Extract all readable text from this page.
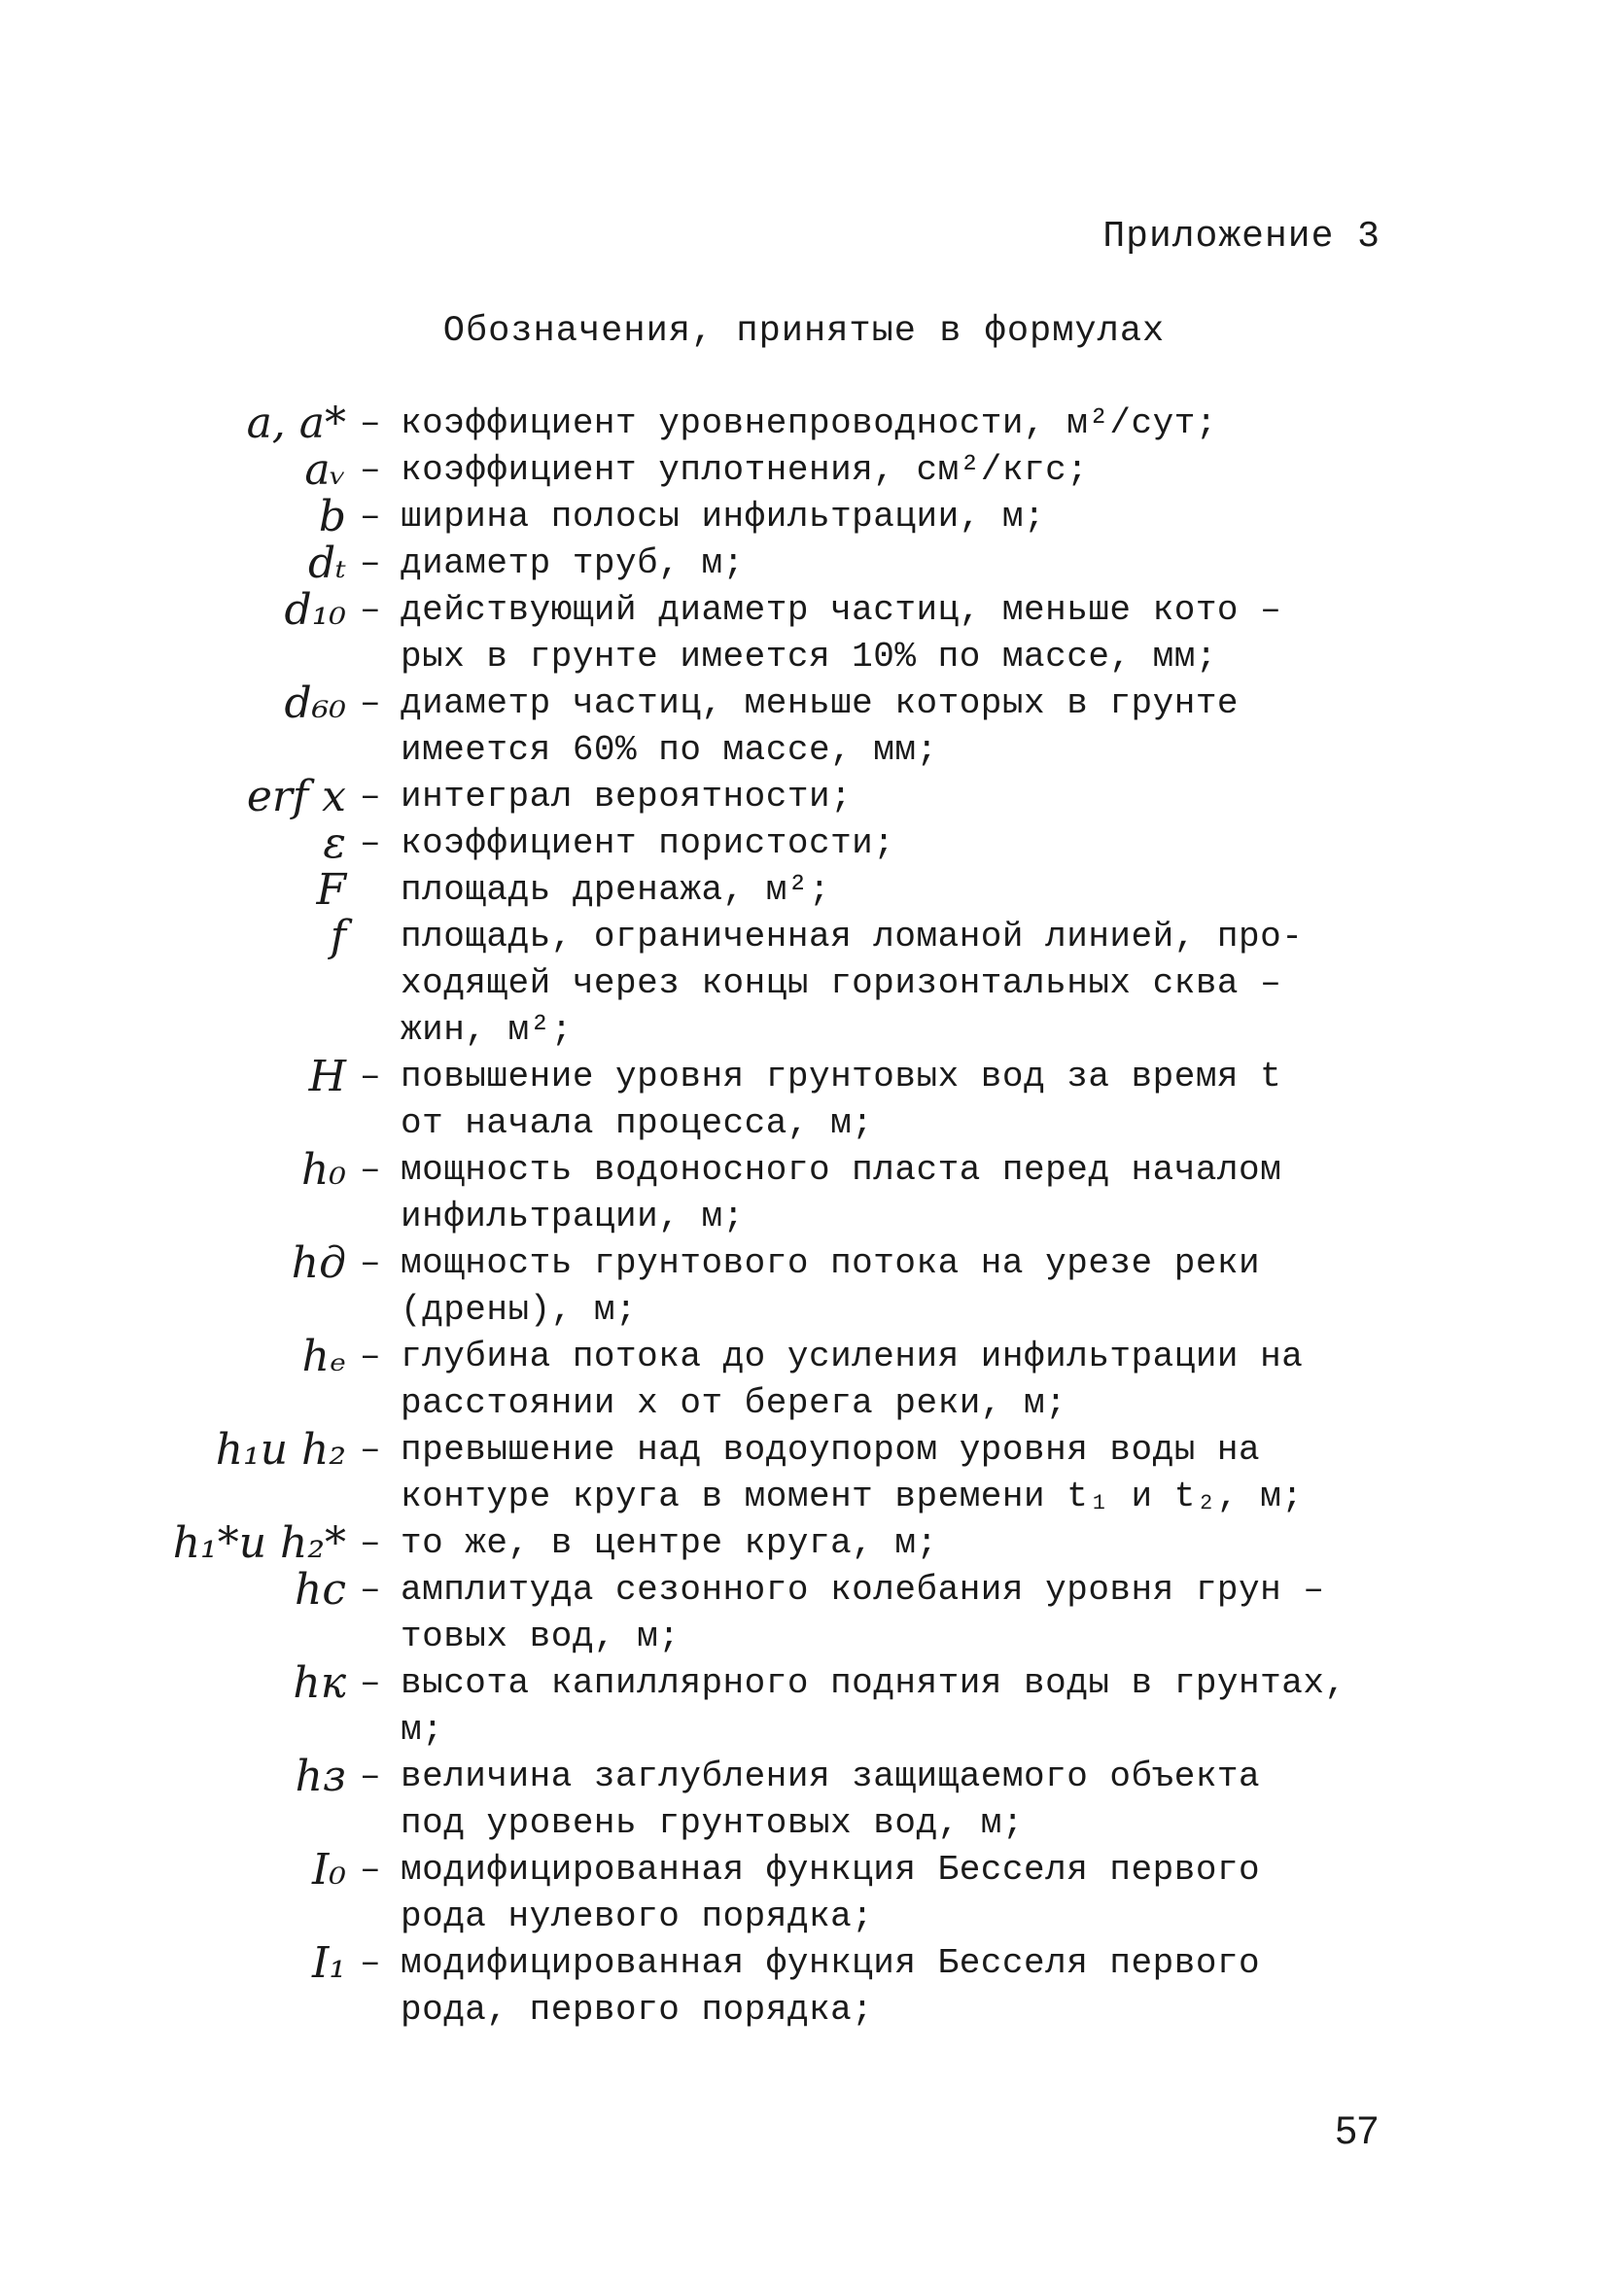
Приложение 3
Обозначения, принятые в формулах
a, a* – коэффициент уровнепроводности, м²/сут;
aᵥ – коэффициент уплотнения, см²/кгс;
b – ширина полосы инфильтрации, м;
dₜ – диаметр труб, м;
d₁₀ – действующий диаметр частиц, меньше кото –
рых в грунте имеется 10% по массе, мм;
d₆₀ – диаметр частиц, меньше которых в грунте
имеется 60% по массе, мм;
erf x – интеграл вероятности;
ε – коэффициент пористости;
F	площадь дренажа, м²;
f	площадь, ограниченная ломаной линией, про-
ходящей через концы горизонтальных сква –
жин, м²;
H – повышение уровня грунтовых вод за время t
от начала процесса, м;
h₀ – мощность водоносного пласта перед началом
инфильтрации, м;
hд – мощность грунтового потока на урезе реки
(дрены), м;
hₑ – глубина потока до усиления инфильтрации на
расстоянии x от берега реки, м;
h₁и h₂ – превышение над водоупором уровня воды на
контуре круга в момент времени t₁ и t₂, м;
h₁*и h₂* – то же, в центре круга, м;
hс – амплитуда сезонного колебания уровня грун –
товых вод, м;
hк – высота капиллярного поднятия воды в грунтах,
м;
hз – величина заглубления защищаемого объекта
под уровень грунтовых вод, м;
I₀ – модифицированная функция Бесселя первого
рода нулевого порядка;
I₁ – модифицированная функция Бесселя первого
рода, первого порядка;
57
